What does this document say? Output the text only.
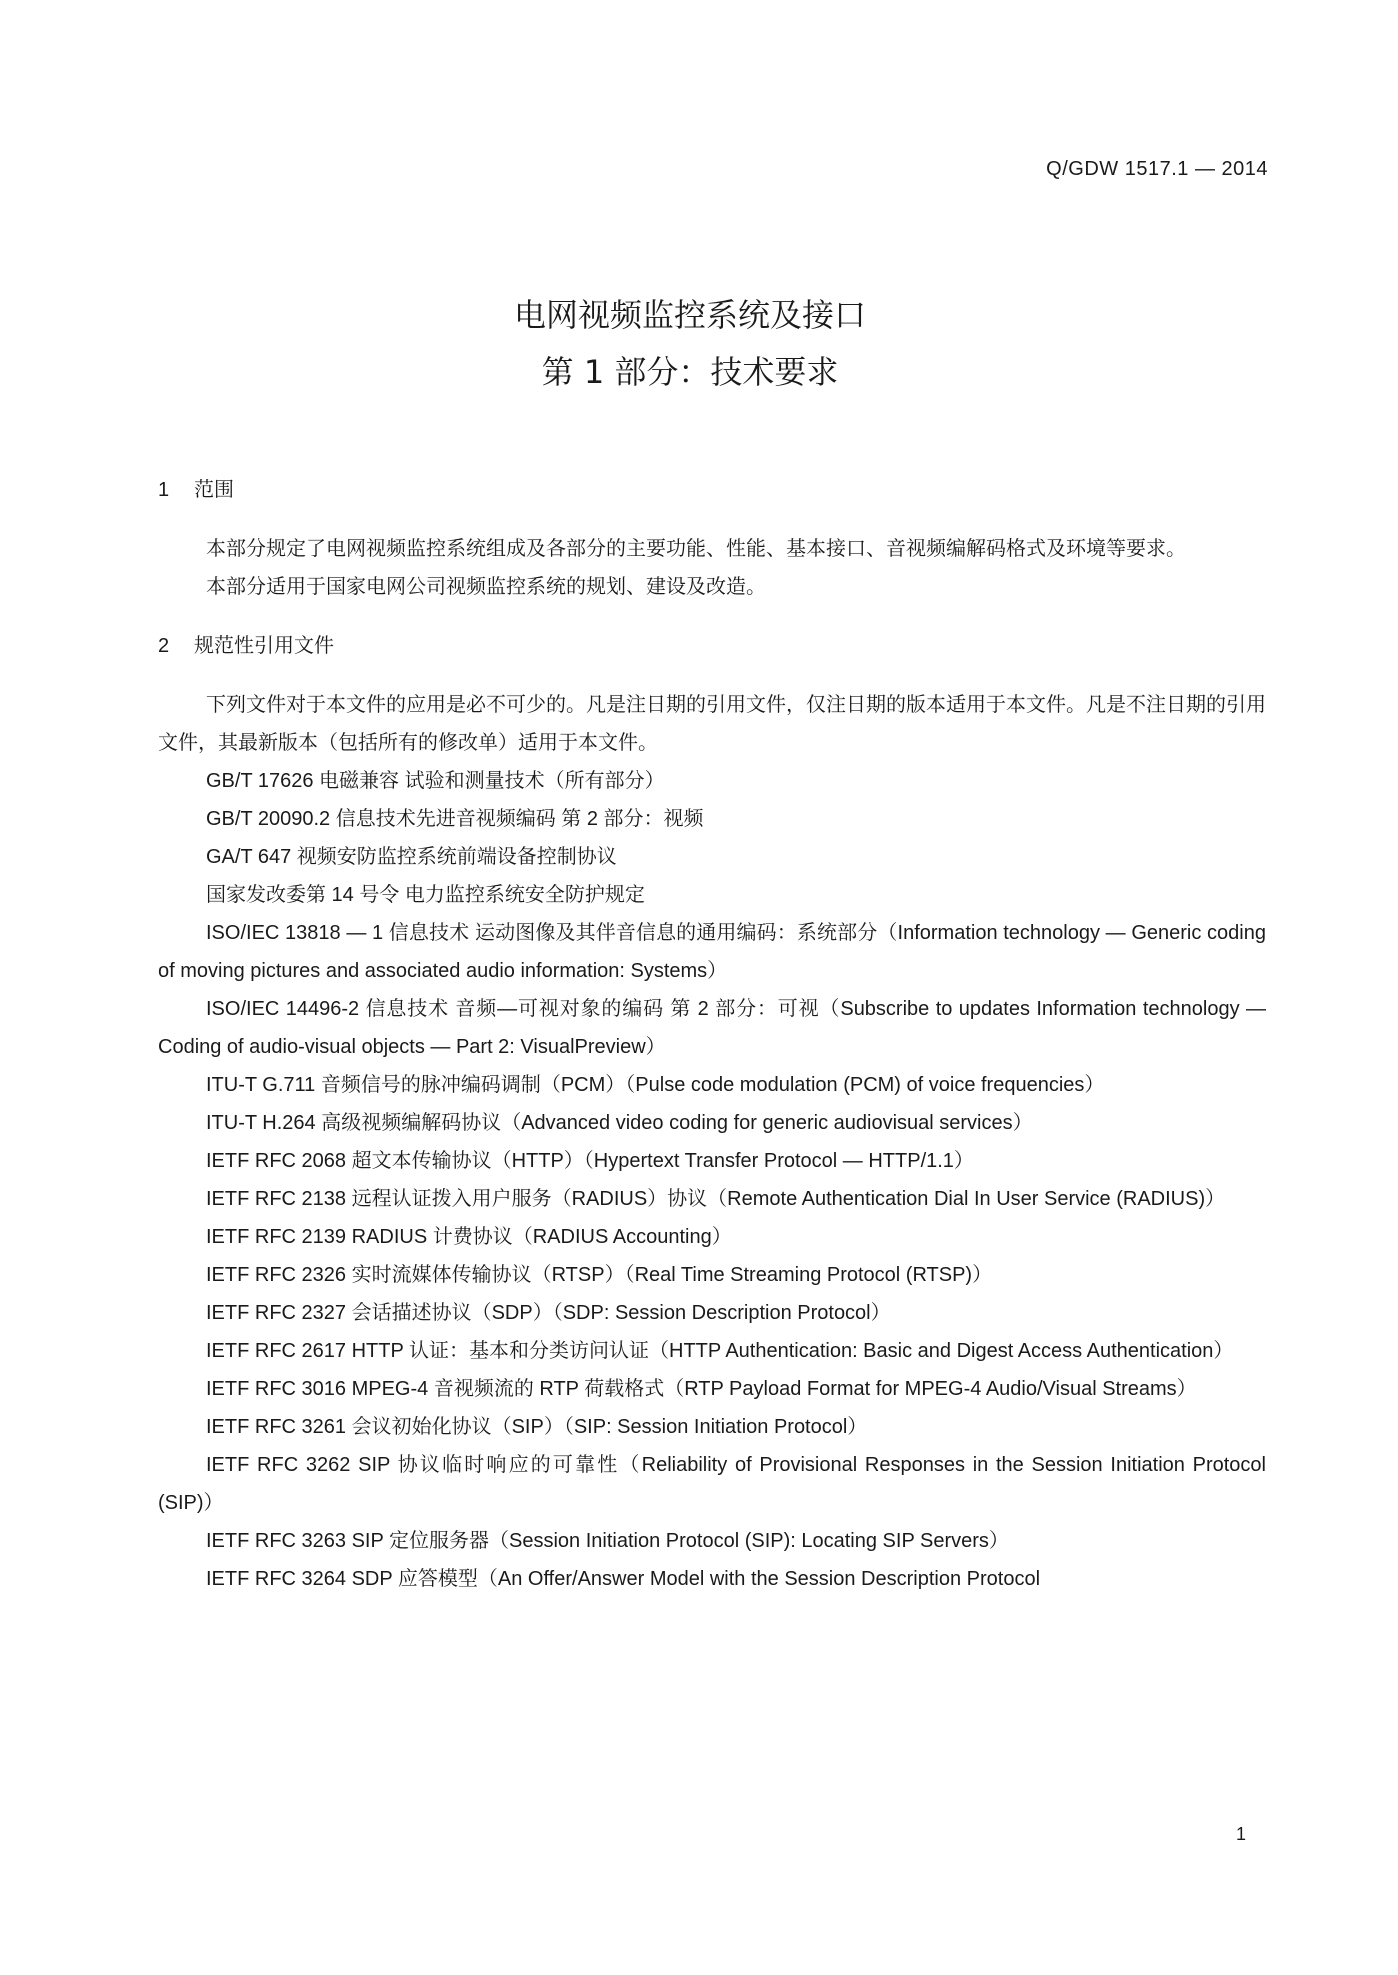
Q/GDW 1517.1 — 2014
电网视频监控系统及接口
第 1 部分：技术要求
1 范围

本部分规定了电网视频监控系统组成及各部分的主要功能、性能、基本接口、音视频编解码格式及环境等要求。

本部分适用于国家电网公司视频监控系统的规划、建设及改造。

2 规范性引用文件

下列文件对于本文件的应用是必不可少的。凡是注日期的引用文件，仅注日期的版本适用于本文件。凡是不注日期的引用文件，其最新版本（包括所有的修改单）适用于本文件。

GB/T 17626 电磁兼容 试验和测量技术（所有部分）

GB/T 20090.2 信息技术先进音视频编码 第 2 部分：视频

GA/T 647 视频安防监控系统前端设备控制协议

国家发改委第 14 号令 电力监控系统安全防护规定

ISO/IEC 13818 — 1 信息技术 运动图像及其伴音信息的通用编码：系统部分（Information technology — Generic coding of moving pictures and associated audio information: Systems）

ISO/IEC 14496-2 信息技术 音频—可视对象的编码 第 2 部分：可视（Subscribe to updates Information technology — Coding of audio-visual objects — Part 2: VisualPreview）

ITU-T G.711 音频信号的脉冲编码调制（PCM）（Pulse code modulation (PCM) of voice frequencies）

ITU-T H.264 高级视频编解码协议（Advanced video coding for generic audiovisual services）

IETF RFC 2068 超文本传输协议（HTTP）（Hypertext Transfer Protocol — HTTP/1.1）

IETF RFC 2138 远程认证拨入用户服务（RADIUS）协议（Remote Authentication Dial In User Service (RADIUS)）

IETF RFC 2139 RADIUS 计费协议（RADIUS Accounting）

IETF RFC 2326 实时流媒体传输协议（RTSP）（Real Time Streaming Protocol (RTSP)）

IETF RFC 2327 会话描述协议（SDP）（SDP: Session Description Protocol）

IETF RFC 2617 HTTP 认证：基本和分类访问认证（HTTP Authentication: Basic and Digest Access Authentication）

IETF RFC 3016 MPEG-4 音视频流的 RTP 荷载格式（RTP Payload Format for MPEG-4 Audio/Visual Streams）

IETF RFC 3261 会议初始化协议（SIP）（SIP: Session Initiation Protocol）

IETF RFC 3262 SIP 协议临时响应的可靠性（Reliability of Provisional Responses in the Session Initiation Protocol (SIP)）

IETF RFC 3263 SIP 定位服务器（Session Initiation Protocol (SIP): Locating SIP Servers）

IETF RFC 3264 SDP 应答模型（An Offer/Answer Model with the Session Description Protocol

1
